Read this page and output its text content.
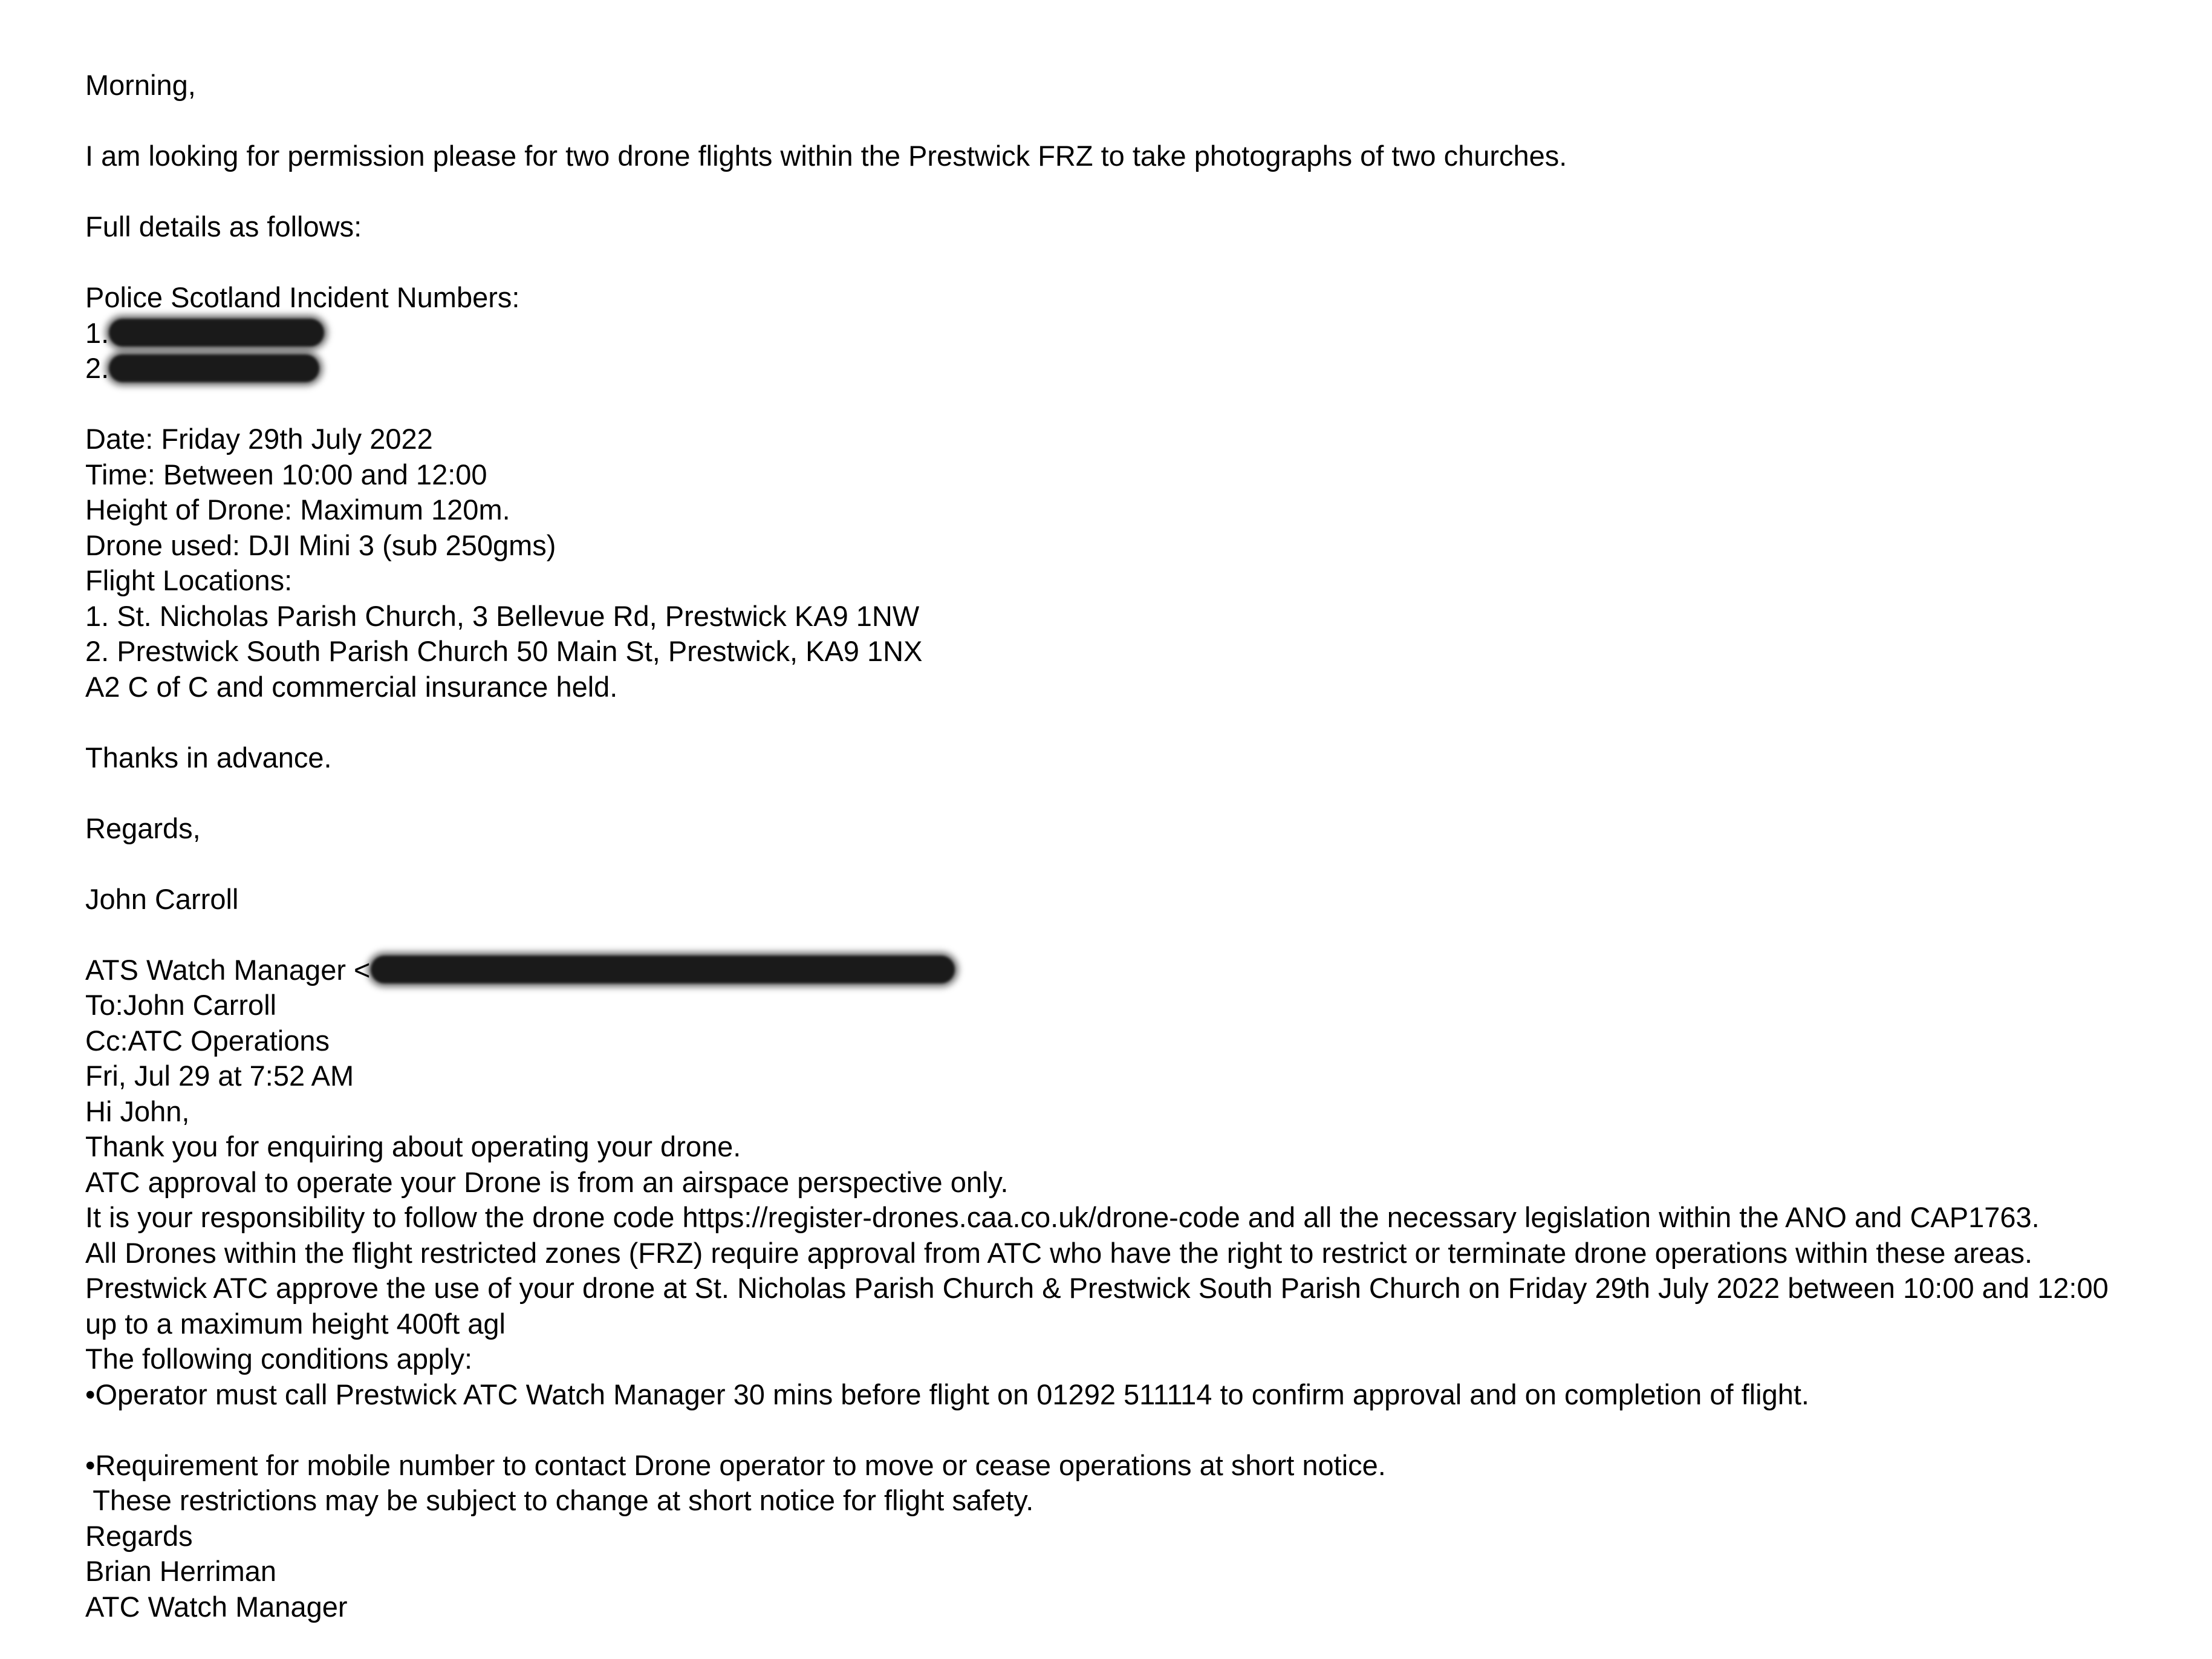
Morning,
I am looking for permission please for two drone flights within the Prestwick FRZ to take photographs of two churches.
Full details as follows:
Police Scotland Incident Numbers:
1.
2.
Date: Friday 29th July 2022
Time: Between 10:00 and 12:00
Height of Drone: Maximum 120m.
Drone used: DJI Mini 3 (sub 250gms)
Flight Locations:
1. St. Nicholas Parish Church, 3 Bellevue Rd, Prestwick KA9 1NW
2. Prestwick South Parish Church 50 Main St, Prestwick, KA9 1NX
A2 C of C and commercial insurance held.
Thanks in advance.
Regards,
John Carroll
ATS Watch Manager <
To:John Carroll
Cc:ATC Operations
Fri, Jul 29 at 7:52 AM
Hi John,
Thank you for enquiring about operating your drone.
ATC approval to operate your Drone is from an airspace perspective only.
It is your responsibility to follow the drone code https://register-drones.caa.co.uk/drone-code and all the necessary legislation within the ANO and CAP1763.
All Drones within the flight restricted zones (FRZ) require approval from ATC who have the right to restrict or terminate drone operations within these areas.
Prestwick ATC approve the use of your drone at St. Nicholas Parish Church & Prestwick South Parish Church on Friday 29th July 2022 between 10:00 and 12:00
up to a maximum height 400ft agl
The following conditions apply:
•Operator must call Prestwick ATC Watch Manager 30 mins before flight on 01292 511114 to confirm approval and on completion of flight.
•Requirement for mobile number to contact Drone operator to move or cease operations at short notice.
These restrictions may be subject to change at short notice for flight safety.
Regards
Brian Herriman
ATC Watch Manager
